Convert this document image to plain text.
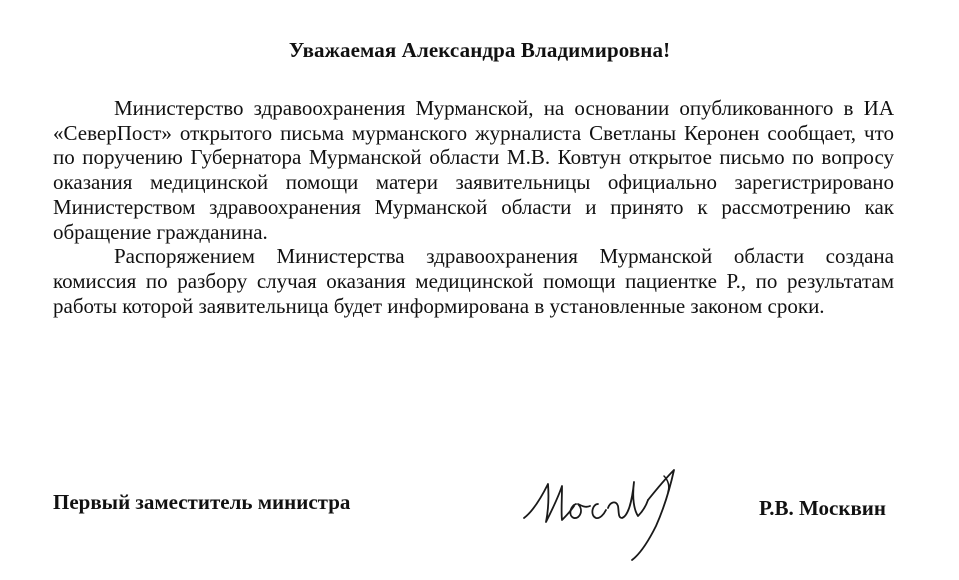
Уважаемая Александра Владимировна!

Министерство здравоохранения Мурманской, на основании опубликованного в ИА «СеверПост» открытого письма мурманского журналиста Светланы Керонен сообщает, что по поручению Губернатора Мурманской области М.В. Ковтун открытое письмо по вопросу оказания медицинской помощи матери заявительницы официально зарегистрировано Министерством здравоохранения Мурманской области и принято к рассмотрению как обращение гражданина.

Распоряжением Министерства здравоохранения Мурманской области создана комиссия по разбору случая оказания медицинской помощи пациентке Р., по результатам работы которой заявительница будет информирована в установленные законом сроки.

Первый заместитель министра	Р.В. Москвин
